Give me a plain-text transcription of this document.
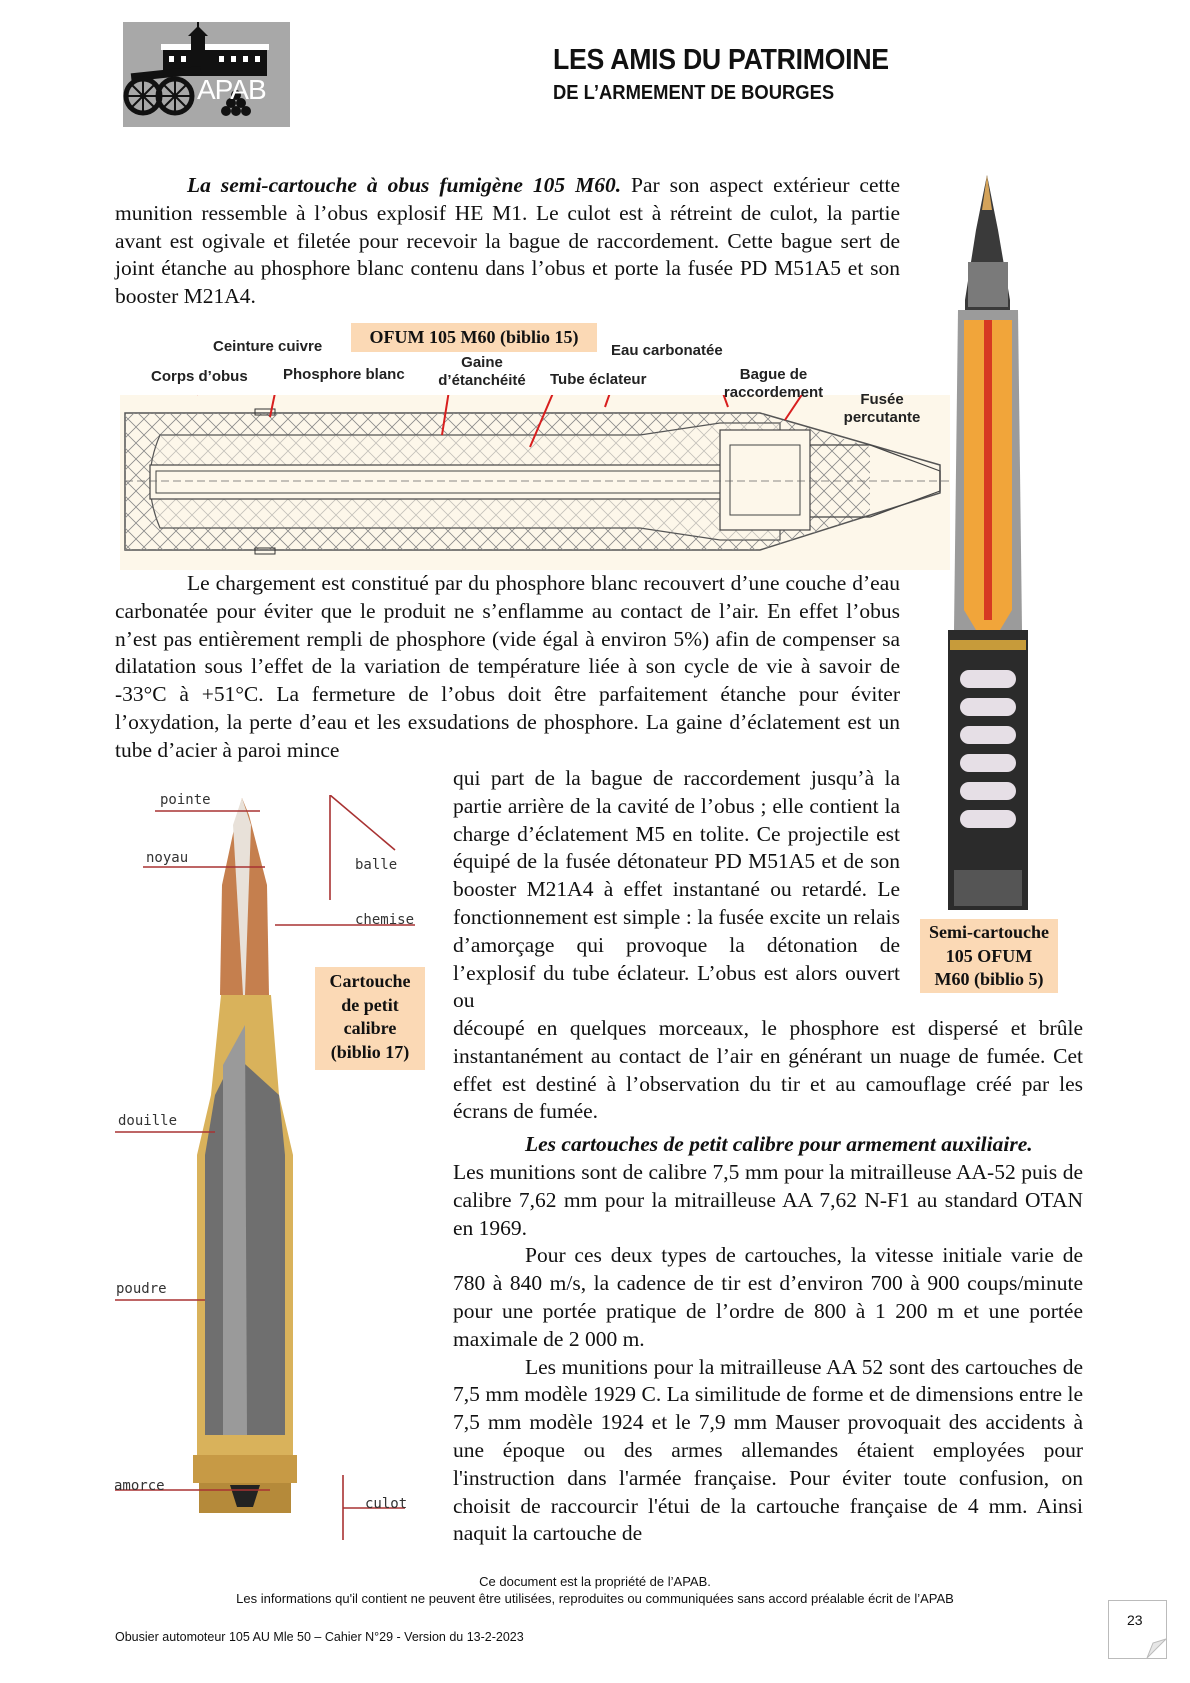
APAB
LES AMIS DU PATRIMOINE
DE L’ARMEMENT DE BOURGES

La semi-cartouche à obus fumigène 105 M60. Par son aspect extérieur cette munition ressemble à l’obus explosif HE M1. Le culot est à rétreint de culot, la partie avant est ogivale et filetée pour recevoir la bague de raccordement. Cette bague sert de joint étanche au phosphore blanc contenu dans l’obus et porte la fusée PD M51A5 et son booster M21A4.

OFUM 105 M60 (biblio 15)
Ceinture cuivre
Corps d’obus Phosphore blanc
Gaine
d’étanchéité
Eau carbonatée
Tube éclateur	Bague de
raccordement	Fusée
percutante

Le chargement est constitué par du phosphore blanc recouvert d’une couche d’eau carbonatée pour éviter que le produit ne s’enflamme au contact de l’air. En effet l’obus n’est pas entièrement rempli de phosphore (vide égal à environ 5%) afin de compenser sa dilatation sous l’effet de la variation de température liée à son cycle de vie à savoir de -33°C à +51°C. La fermeture de l’obus doit être parfaitement étanche pour éviter l’oxydation, la perte d’eau et les exsudations de phosphore. La gaine d’éclatement est un tube d’acier à paroi mince

qui part de la bague de raccordement jusqu’à la partie arrière de la cavité de l’obus ; elle contient la charge d’éclatement M5 en tolite. Ce projectile est équipé de la fusée détonateur PD M51A5 et de son booster M21A4 à effet instantané ou retardé. Le fonctionnement est simple : la fusée excite un relais d’amorçage qui provoque la détonation de l’explosif du tube éclateur. L’obus est alors ouvert ou

découpé en quelques morceaux, le phosphore est dispersé et brûle instantanément au contact de l’air en générant un nuage de fumée. Cet effet est destiné à l’observation du tir et au camouflage créé par les écrans de fumée.

Les cartouches de petit calibre pour armement auxiliaire.

Les munitions sont de calibre 7,5 mm pour la mitrailleuse AA-52 puis de calibre 7,62 mm pour la mitrailleuse AA 7,62 N-F1 au standard OTAN en 1969.

Pour ces deux types de cartouches, la vitesse initiale varie de 780 à 840 m/s, la cadence de tir est d’environ 700 à 900 coups/minute pour une portée pratique de l’ordre de 800 à 1 200 m et une portée maximale de 2 000 m.

Les munitions pour la mitrailleuse AA 52 sont des cartouches de 7,5 mm modèle 1929 C. La similitude de forme et de dimensions entre le 7,5 mm modèle 1924 et le 7,9 mm Mauser provoquait des accidents à une époque ou des armes allemandes étaient employées pour l'instruction dans l'armée française. Pour éviter toute confusion, on choisit de raccourcir l'étui de la cartouche française de 4 mm. Ainsi naquit la cartouche de

Semi-cartouche
105 OFUM
M60 (biblio 5)
pointe
noyau	balle
chemise
douille
poudre
amorce
culot
Cartouche
de petit
calibre
(biblio 17)
Ce document est la propriété de l’APAB.
Les informations qu'il contient ne peuvent être utilisées, reproduites ou communiquées sans accord préalable écrit de l’APAB
Obusier automoteur 105 AU Mle 50 – Cahier N°29 - Version du 13-2-2023
23
